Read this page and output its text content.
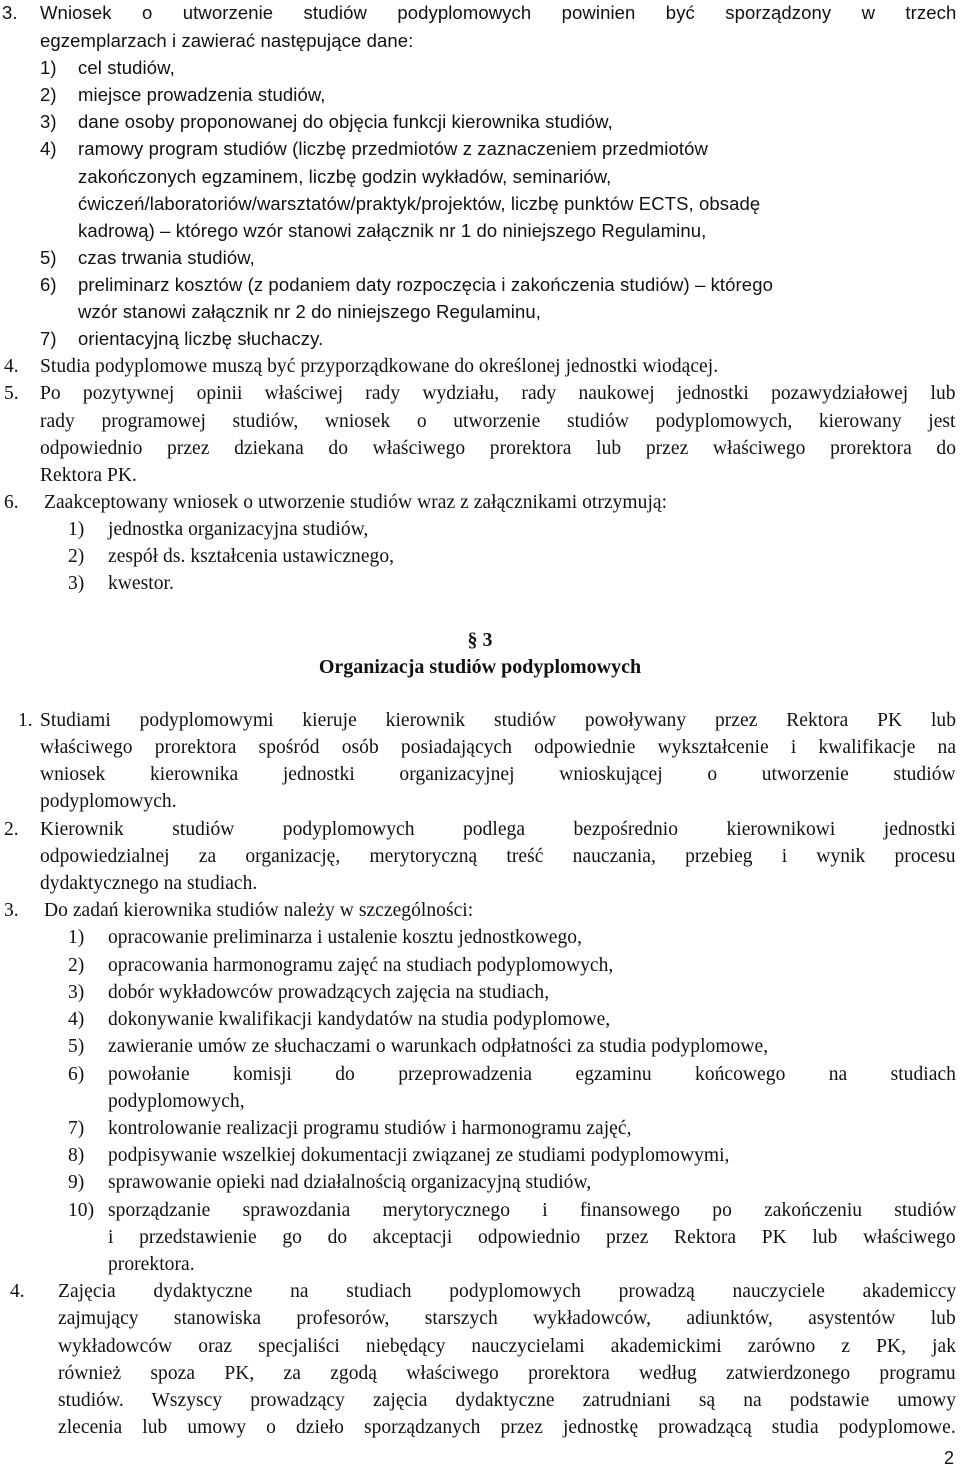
3. Wniosek o utworzenie studiów podyplomowych powinien być sporządzony w trzech
egzemplarzach i zawierać następujące dane:
1) cel studiów,
2) miejsce prowadzenia studiów,
3) dane osoby proponowanej do objęcia funkcji kierownika studiów,
4) ramowy program studiów (liczbę przedmiotów z zaznaczeniem przedmiotów
zakończonych egzaminem, liczbę godzin wykładów, seminariów,
ćwiczeń/laboratoriów/warsztatów/praktyk/projektów, liczbę punktów ECTS, obsadę
kadrową) – którego wzór stanowi załącznik nr 1 do niniejszego Regulaminu,
5) czas trwania studiów,
6) preliminarz kosztów (z podaniem daty rozpoczęcia i zakończenia studiów) – którego
wzór stanowi załącznik nr 2 do niniejszego Regulaminu,
7) orientacyjną liczbę słuchaczy.
4. Studia podyplomowe muszą być przyporządkowane do określonej jednostki wiodącej.
5. Po pozytywnej opinii właściwej rady wydziału, rady naukowej jednostki pozawydziałowej lub
rady programowej studiów, wniosek o utworzenie studiów podyplomowych, kierowany jest
odpowiednio przez dziekana do właściwego prorektora lub przez właściwego prorektora do
Rektora PK.
6. Zaakceptowany wniosek o utworzenie studiów wraz z załącznikami otrzymują:
1) jednostka organizacyjna studiów,
2) zespół ds. kształcenia ustawicznego,
3) kwestor.
§ 3
Organizacja studiów podyplomowych
1. Studiami podyplomowymi kieruje kierownik studiów powoływany przez Rektora PK lub
właściwego prorektora spośród osób posiadających odpowiednie wykształcenie i kwalifikacje na
wniosek kierownika jednostki organizacyjnej wnioskującej o utworzenie studiów
podyplomowych.
2. Kierownik studiów podyplomowych podlega bezpośrednio kierownikowi jednostki
odpowiedzialnej za organizację, merytoryczną treść nauczania, przebieg i wynik procesu
dydaktycznego na studiach.
3. Do zadań kierownika studiów należy w szczególności:
1) opracowanie preliminarza i ustalenie kosztu jednostkowego,
2) opracowania harmonogramu zajęć na studiach podyplomowych,
3) dobór wykładowców prowadzących zajęcia na studiach,
4) dokonywanie kwalifikacji kandydatów na studia podyplomowe,
5) zawieranie umów ze słuchaczami o warunkach odpłatności za studia podyplomowe,
6) powołanie komisji do przeprowadzenia egzaminu końcowego na studiach
podyplomowych,
7) kontrolowanie realizacji programu studiów i harmonogramu zajęć,
8) podpisywanie wszelkiej dokumentacji związanej ze studiami podyplomowymi,
9) sprawowanie opieki nad działalnością organizacyjną studiów,
10) sporządzanie sprawozdania merytorycznego i finansowego po zakończeniu studiów
i przedstawienie go do akceptacji odpowiednio przez Rektora PK lub właściwego
prorektora.
4. Zajęcia dydaktyczne na studiach podyplomowych prowadzą nauczyciele akademiccy
zajmujący stanowiska profesorów, starszych wykładowców, adiunktów, asystentów lub
wykładowców oraz specjaliści niebędący nauczycielami akademickimi zarówno z PK, jak
również spoza PK, za zgodą właściwego prorektora według zatwierdzonego programu
studiów. Wszyscy prowadzący zajęcia dydaktyczne zatrudniani są na podstawie umowy
zlecenia lub umowy o dzieło sporządzanych przez jednostkę prowadzącą studia podyplomowe.
2
